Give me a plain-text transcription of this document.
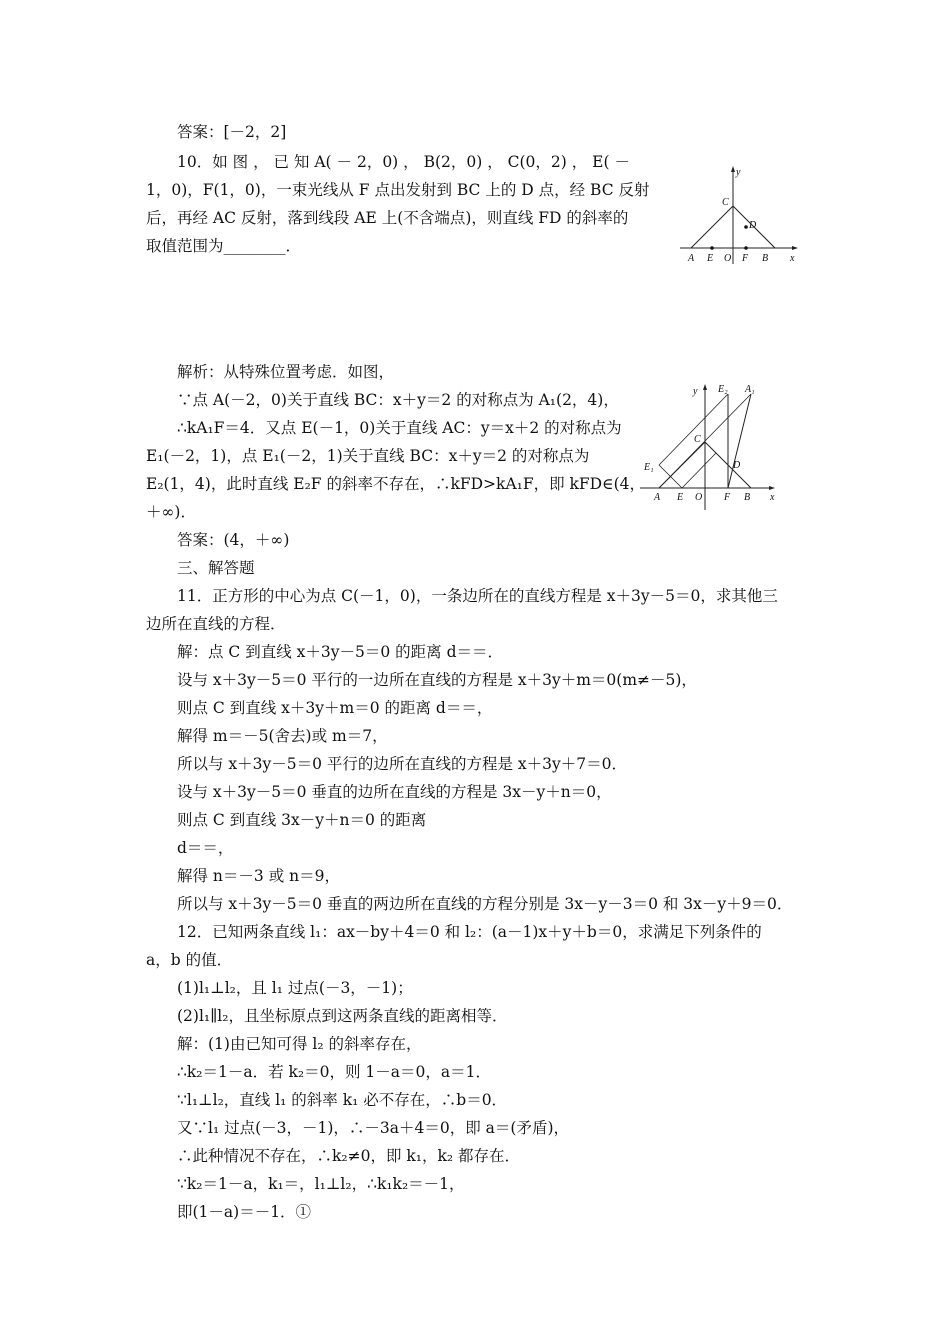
答案：[－2，2]
10．如 图 ， 已 知 A( － 2，0) ， B(2，0) ， C(0，2) ， E( －
1，0)，F(1，0)，一束光线从 F 点出发射到 BC 上的 D 点，经 BC 反射
后，再经 AC 反射，落到线段 AE 上(不含端点)，则直线 FD 的斜率的
取值范围为________．
解析：从特殊位置考虑．如图，
∵点 A(－2，0)关于直线 BC：x＋y＝2 的对称点为 A₁(2，4)，
∴kA₁F＝4．又点 E(－1，0)关于直线 AC：y＝x＋2 的对称点为
E₁(－2，1)，点 E₁(－2，1)关于直线 BC：x＋y＝2 的对称点为
E₂(1，4)，此时直线 E₂F 的斜率不存在，∴kFD>kA₁F，即 kFD∈(4，
＋∞)．
答案：(4，＋∞)
三、解答题
11．正方形的中心为点 C(－1，0)，一条边所在的直线方程是 x＋3y－5＝0，求其他三
边所在直线的方程．
解：点 C 到直线 x＋3y－5＝0 的距离 d＝＝．
设与 x＋3y－5＝0 平行的一边所在直线的方程是 x＋3y＋m＝0(m≠－5)，
则点 C 到直线 x＋3y＋m＝0 的距离 d＝＝，
解得 m＝－5(舍去)或 m＝7，
所以与 x＋3y－5＝0 平行的边所在直线的方程是 x＋3y＋7＝0．
设与 x＋3y－5＝0 垂直的边所在直线的方程是 3x－y＋n＝0，
则点 C 到直线 3x－y＋n＝0 的距离
d＝＝，
解得 n＝－3 或 n＝9，
所以与 x＋3y－5＝0 垂直的两边所在直线的方程分别是 3x－y－3＝0 和 3x－y＋9＝0．
12．已知两条直线 l₁：ax－by＋4＝0 和 l₂：(a－1)x＋y＋b＝0，求满足下列条件的
a，b 的值．
(1)l₁⊥l₂，且 l₁ 过点(－3，－1)；
(2)l₁∥l₂，且坐标原点到这两条直线的距离相等．
解：(1)由已知可得 l₂ 的斜率存在，
∴k₂＝1－a．若 k₂＝0，则 1－a＝0，a＝1．
∵l₁⊥l₂，直线 l₁ 的斜率 k₁ 必不存在，∴b＝0．
又∵l₁ 过点(－3，－1)，∴－3a＋4＝0，即 a＝(矛盾)，
∴此种情况不存在，∴k₂≠0，即 k₁，k₂ 都存在．
∵k₂＝1－a，k₁＝，l₁⊥l₂，∴k₁k₂＝－1，
即(1－a)＝－1．①
y
C
D
A E O F B x
y E₂ A₁
C
E₁	D
A E O F B x
